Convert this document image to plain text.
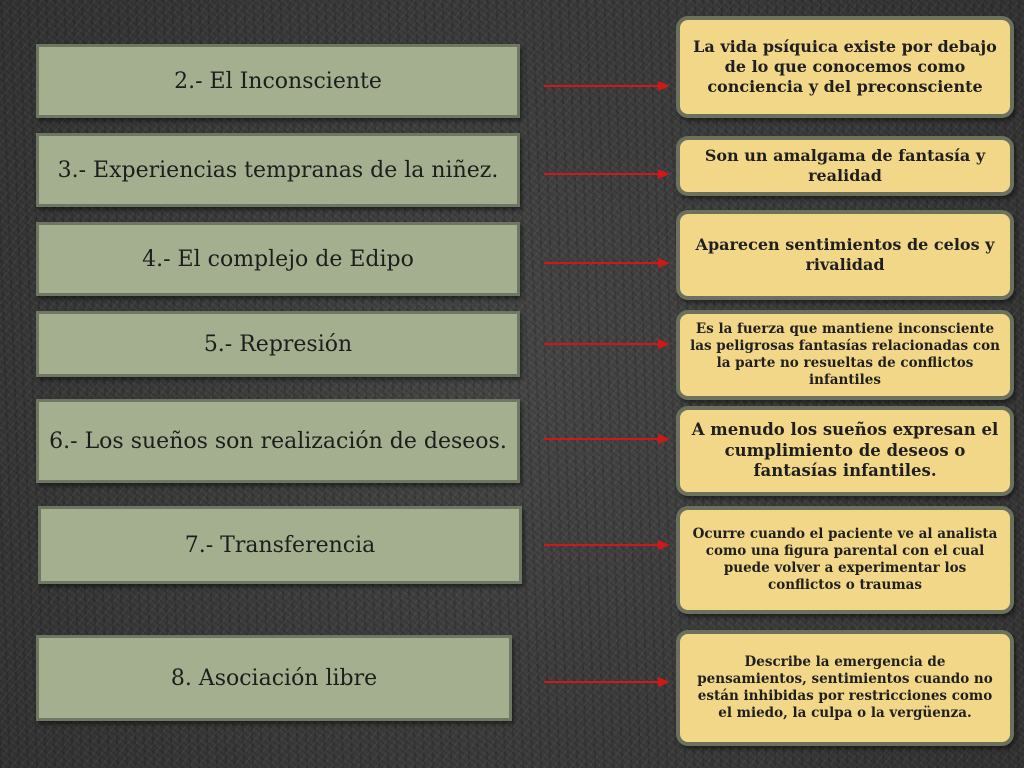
2.- El Inconsciente
La vida psíquica existe por debajo de lo que conocemos como conciencia y del preconsciente
3.- Experiencias tempranas de la niñez.
Son un amalgama de fantasía y realidad
4.- El complejo de Edipo
Aparecen sentimientos de celos y rivalidad
5.- Represión
Es la fuerza que mantiene inconsciente las peligrosas fantasías relacionadas con la parte no resueltas de conflictos infantiles
6.- Los sueños son realización de deseos.	A menudo los sueños expresan el cumplimiento de deseos o fantasías infantiles.
7.- Transferencia	Ocurre cuando el paciente ve al analista como una figura parental con el cual puede volver a experimentar los conflictos o traumas
8. Asociación libre
Describe la emergencia de pensamientos, sentimientos cuando no están inhibidas por restricciones como el miedo, la culpa o la vergüenza.
